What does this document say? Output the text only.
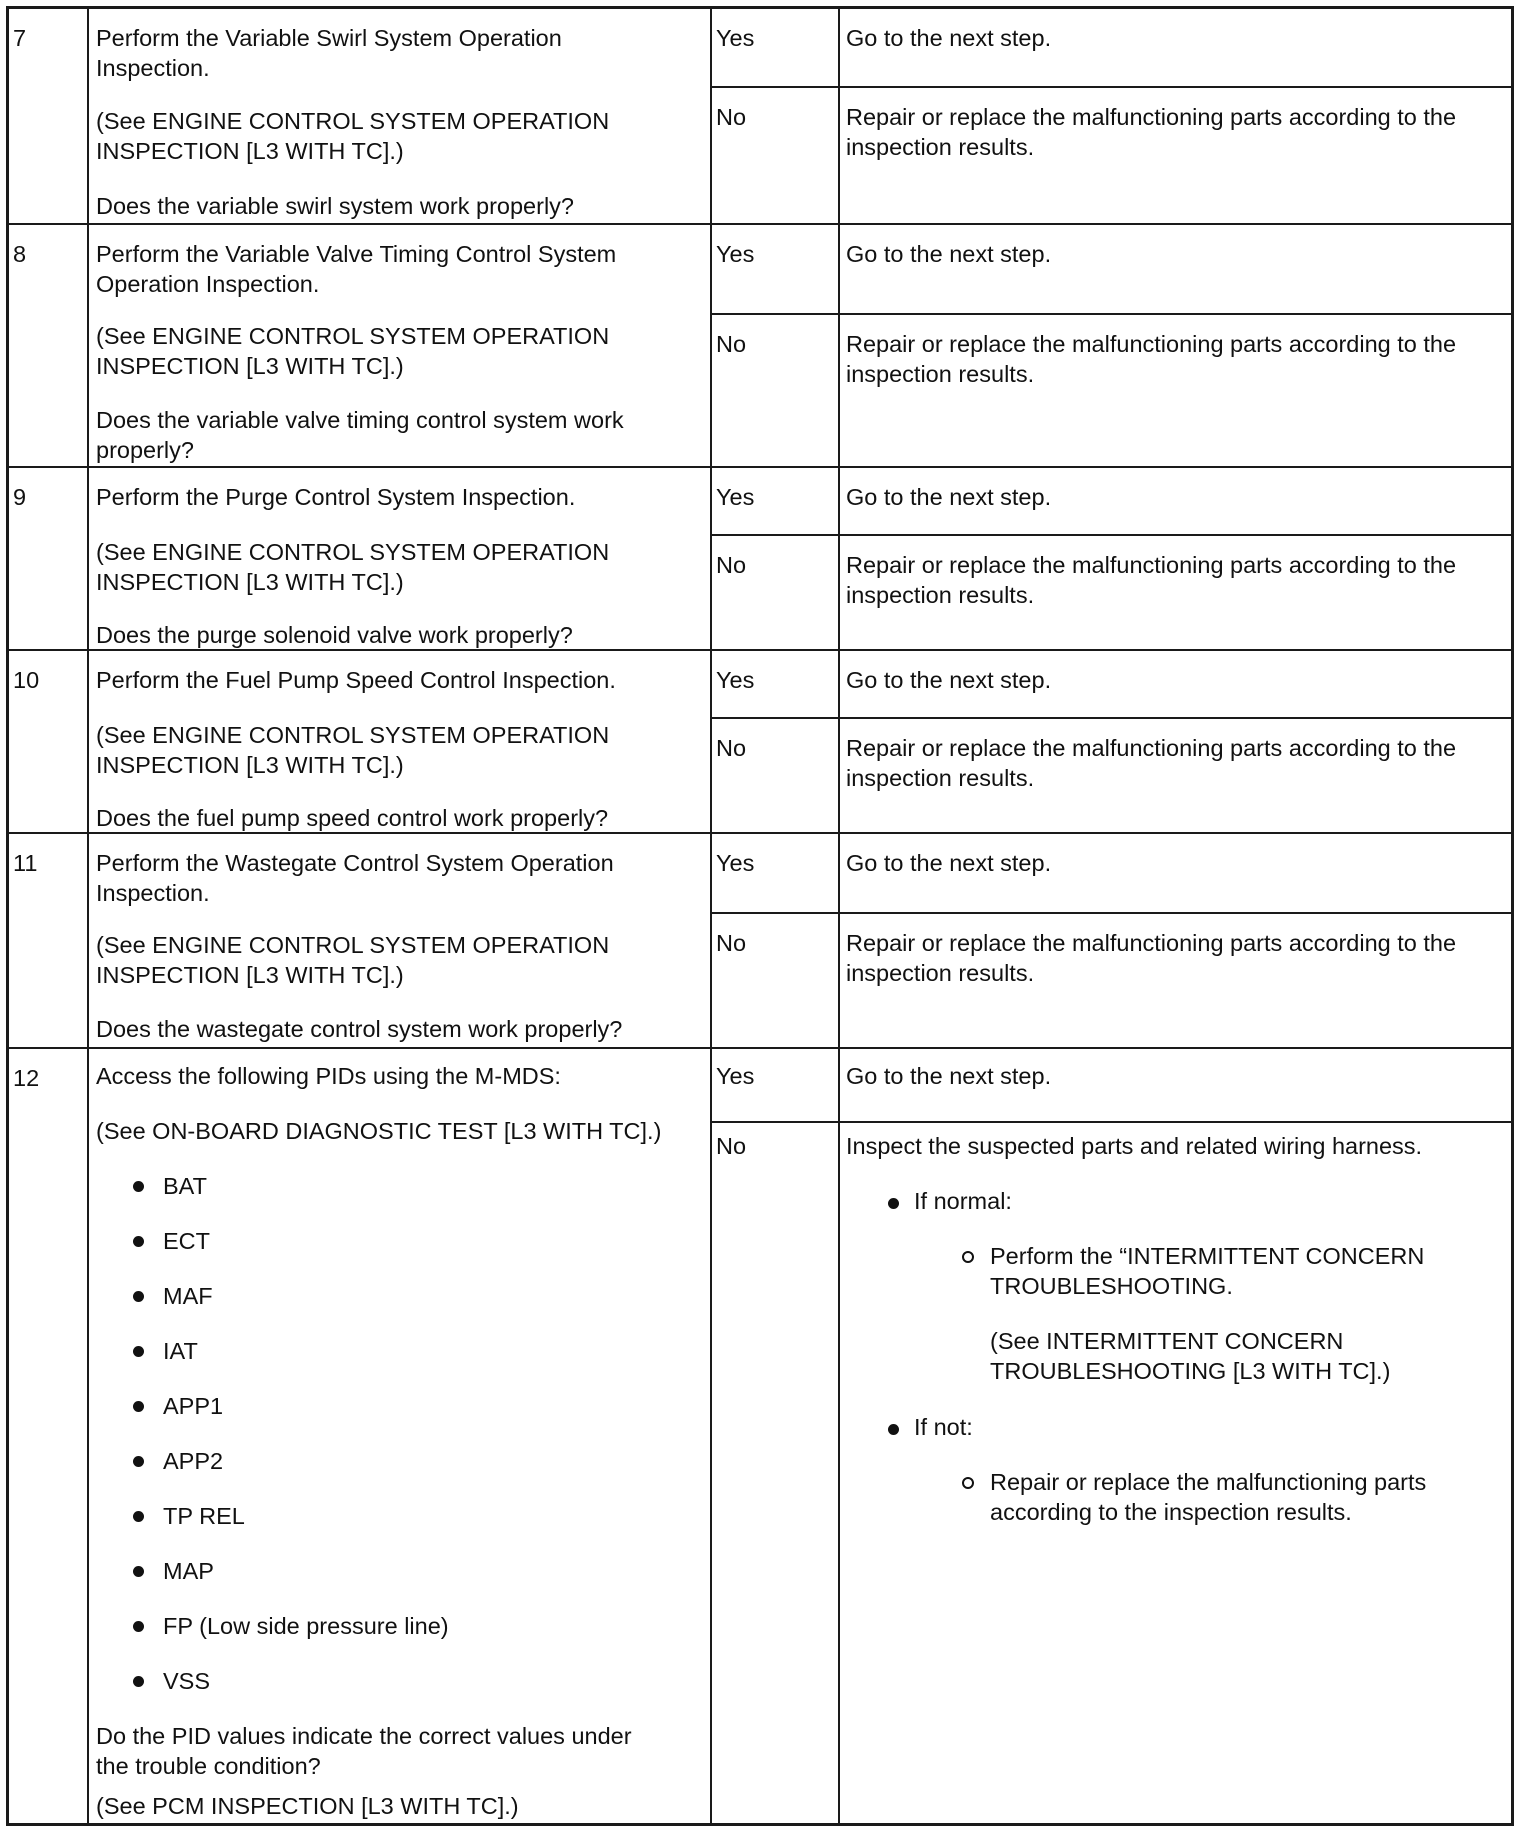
7	Perform the Variable Swirl System Operation
Inspection.
(See ENGINE CONTROL SYSTEM OPERATION
INSPECTION [L3 WITH TC].)
Does the variable swirl system work properly?
Yes	Go to the next step.
No	Repair or replace the malfunctioning parts according to the
inspection results.
8	Perform the Variable Valve Timing Control System
Operation Inspection.
(See ENGINE CONTROL SYSTEM OPERATION
INSPECTION [L3 WITH TC].)
Does the variable valve timing control system work
properly?
Yes	Go to the next step.
No	Repair or replace the malfunctioning parts according to the
inspection results.
9	Perform the Purge Control System Inspection.
(See ENGINE CONTROL SYSTEM OPERATION
INSPECTION [L3 WITH TC].)
Does the purge solenoid valve work properly?
Yes	Go to the next step.
No	Repair or replace the malfunctioning parts according to the
inspection results.
10 Perform the Fuel Pump Speed Control Inspection.
(See ENGINE CONTROL SYSTEM OPERATION
INSPECTION [L3 WITH TC].)
Does the fuel pump speed control work properly?
Yes	Go to the next step.
No	Repair or replace the malfunctioning parts according to the
inspection results.
11 Perform the Wastegate Control System Operation
Inspection.
(See ENGINE CONTROL SYSTEM OPERATION
INSPECTION [L3 WITH TC].)
Does the wastegate control system work properly?
Yes	Go to the next step.
No	Repair or replace the malfunctioning parts according to the
inspection results.
12 Access the following PIDs using the M-MDS:
(See ON-BOARD DIAGNOSTIC TEST [L3 WITH TC].)
BAT
ECT
MAF
IAT
APP1
APP2
TP REL
MAP
FP (Low side pressure line)
VSS
Do the PID values indicate the correct values under
the trouble condition?
(See PCM INSPECTION [L3 WITH TC].)
Yes	Go to the next step.
No	Inspect the suspected parts and related wiring harness.
If normal:
Perform the “INTERMITTENT CONCERN
TROUBLESHOOTING.
(See INTERMITTENT CONCERN
TROUBLESHOOTING [L3 WITH TC].)
If not:
Repair or replace the malfunctioning parts
according to the inspection results.
